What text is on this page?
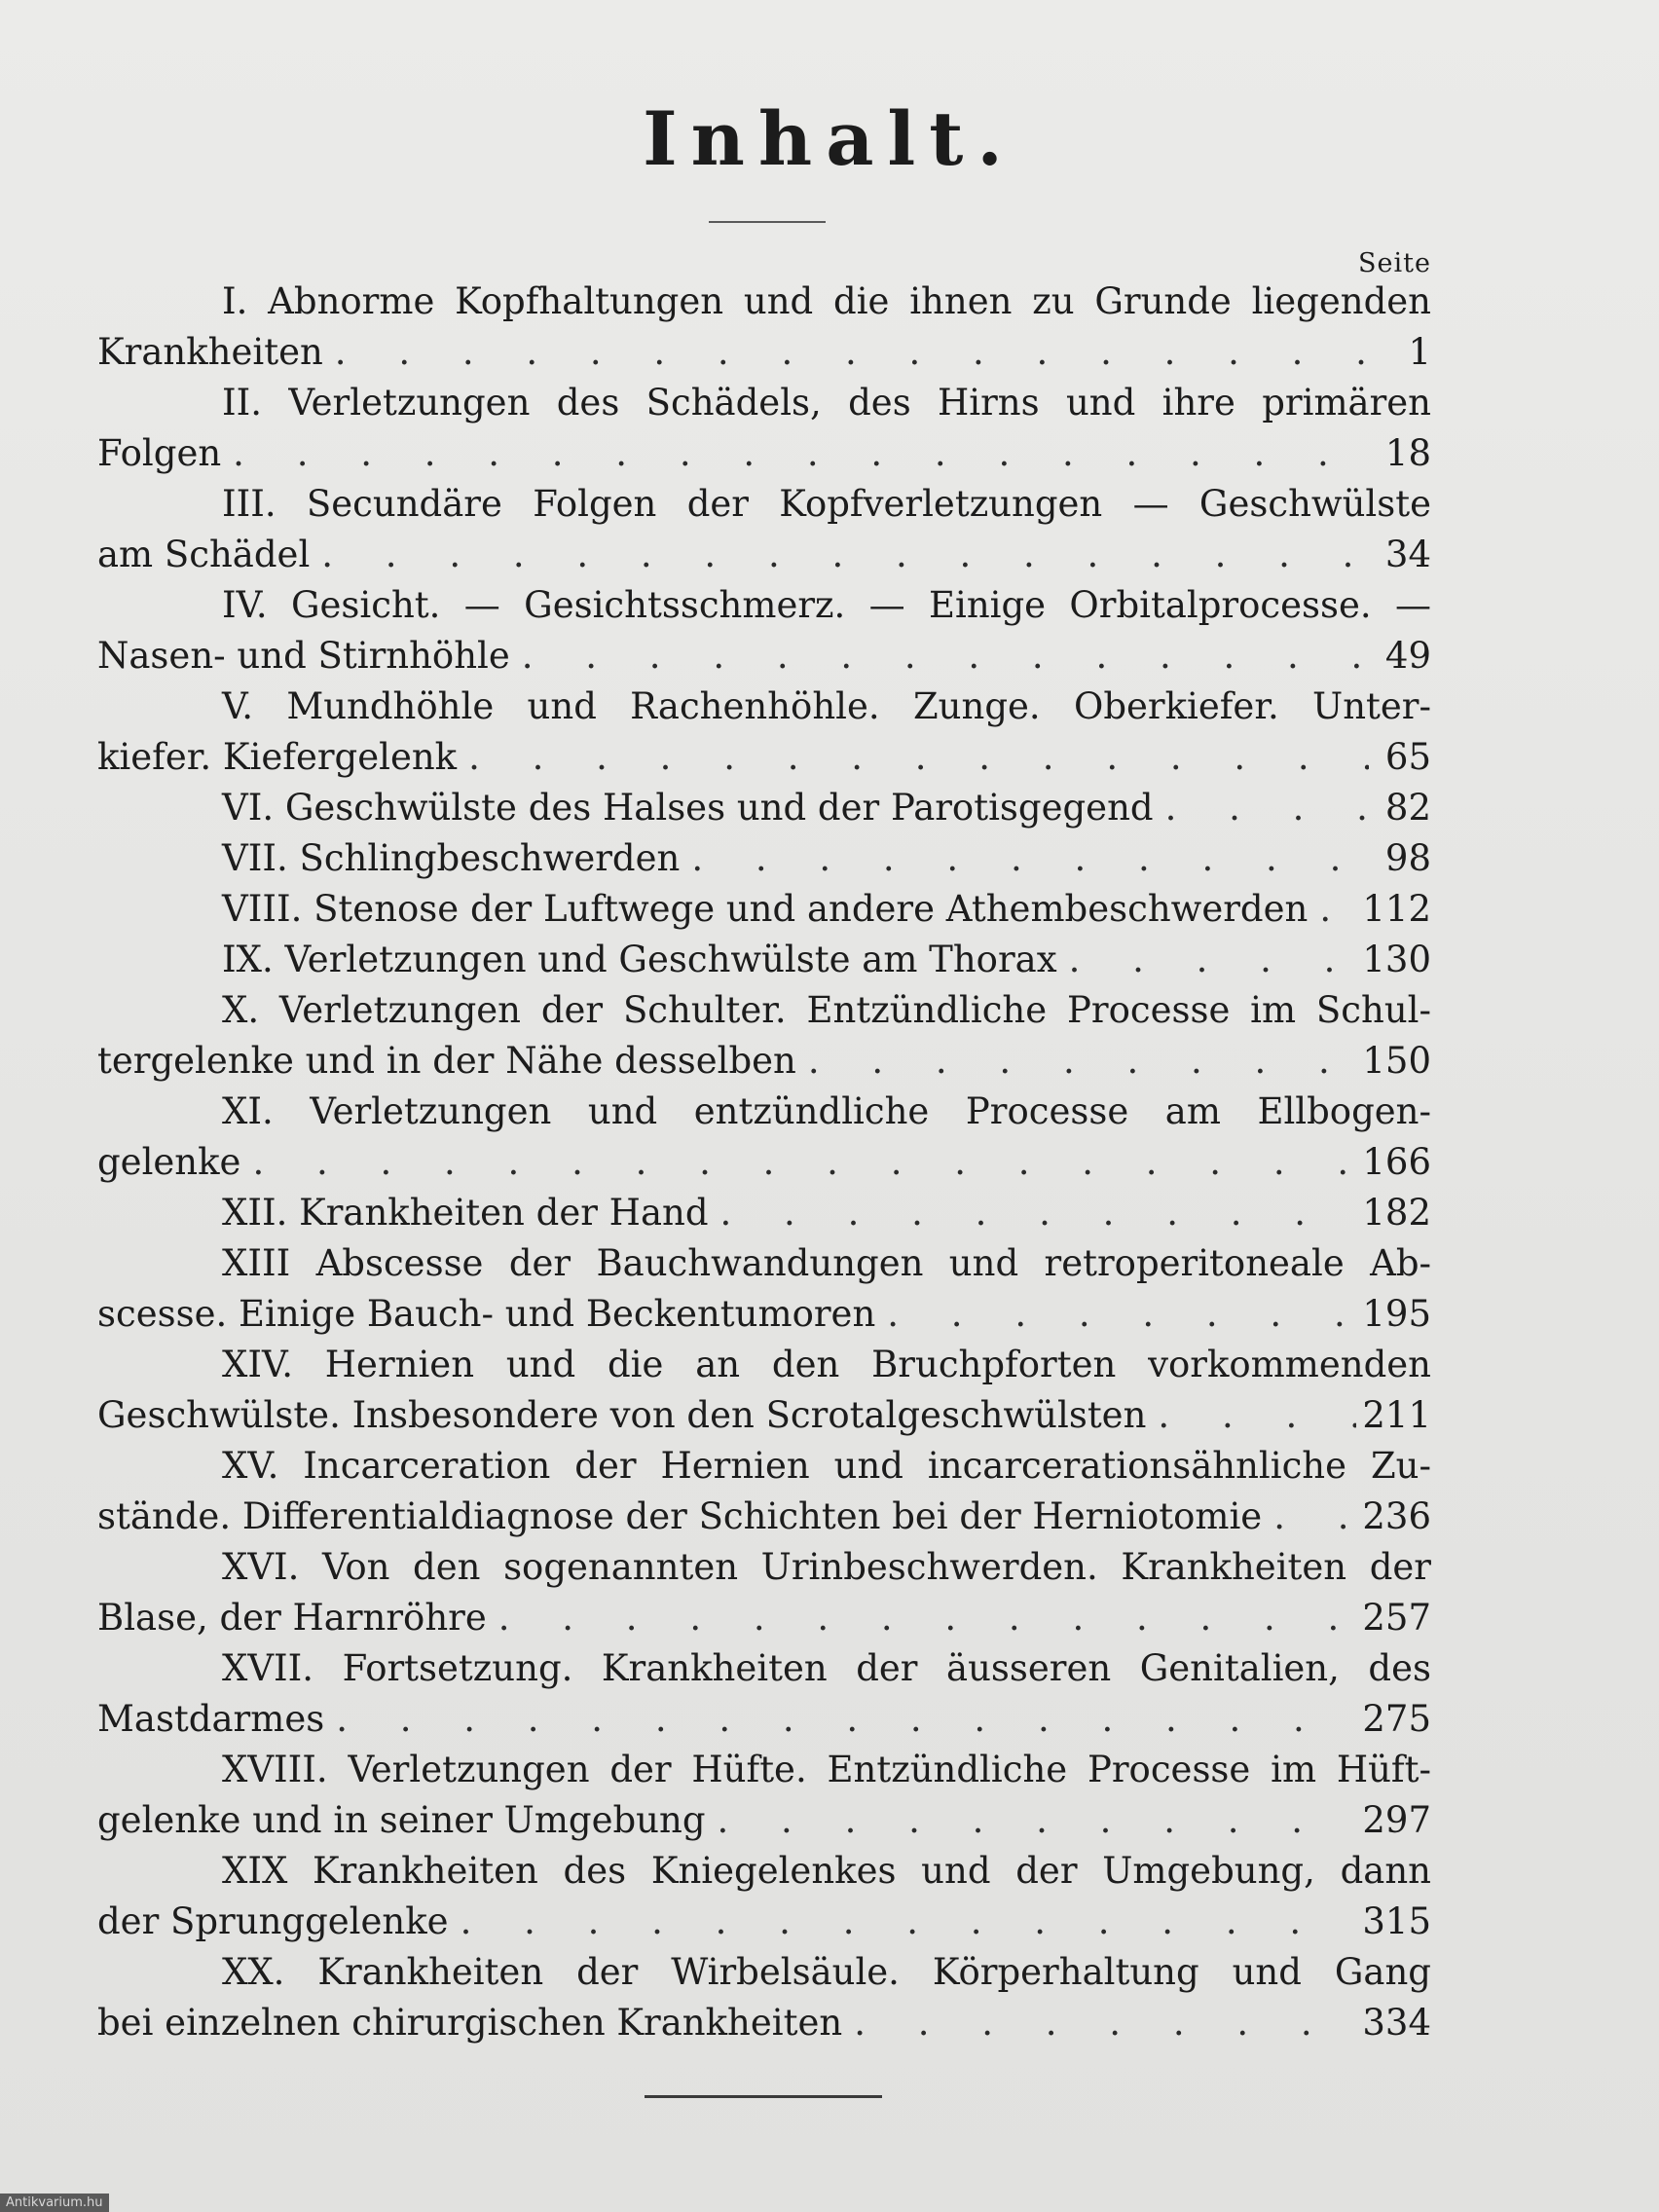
Inhalt.
Seite
I. Abnorme Kopfhaltungen und die ihnen zu Grunde liegenden
Krankheiten . . .	1
II. Verletzungen des Schädels, des Hirns und ihre primären
Folgen . . .	18
III. Secundäre Folgen der Kopfverletzungen — Geschwülste
am Schädel . . .	34
IV. Gesicht. — Gesichtsschmerz. — Einige Orbitalprocesse. —
Nasen- und Stirnhöhle . . .	49
V. Mundhöhle und Rachenhöhle. Zunge. Oberkiefer. Unter-
kiefer. Kiefergelenk . . .	65
VI. Geschwülste des Halses und der Parotisgegend . . .	82
VII. Schlingbeschwerden . . .	98
VIII. Stenose der Luftwege und andere Athembeschwerden . . . 112
IX. Verletzungen und Geschwülste am Thorax . . .	130
X. Verletzungen der Schulter. Entzündliche Processe im Schul-
tergelenke und in der Nähe desselben . . .	150
XI. Verletzungen und entzündliche Processe am Ellbogen-
gelenke . . .	166
XII. Krankheiten der Hand . . .	182
XIII Abscesse der Bauchwandungen und retroperitoneale Ab-
scesse. Einige Bauch- und Beckentumoren . . .	195
XIV. Hernien und die an den Bruchpforten vorkommenden
Geschwülste. Insbesondere von den Scrotalgeschwülsten . . .	211
XV. Incarceration der Hernien und incarcerationsähnliche Zu-
stände. Differentialdiagnose der Schichten bei der Herniotomie . . .	236
XVI. Von den sogenannten Urinbeschwerden. Krankheiten der
Blase, der Harnröhre . . .	257
XVII. Fortsetzung. Krankheiten der äusseren Genitalien, des
Mastdarmes . . .	275
XVIII. Verletzungen der Hüfte. Entzündliche Processe im Hüft-
gelenke und in seiner Umgebung . . .	297
XIX Krankheiten des Kniegelenkes und der Umgebung, dann
der Sprunggelenke . . .	315
XX. Krankheiten der Wirbelsäule. Körperhaltung und Gang
bei einzelnen chirurgischen Krankheiten . . .	334
Antikvarium.hu
